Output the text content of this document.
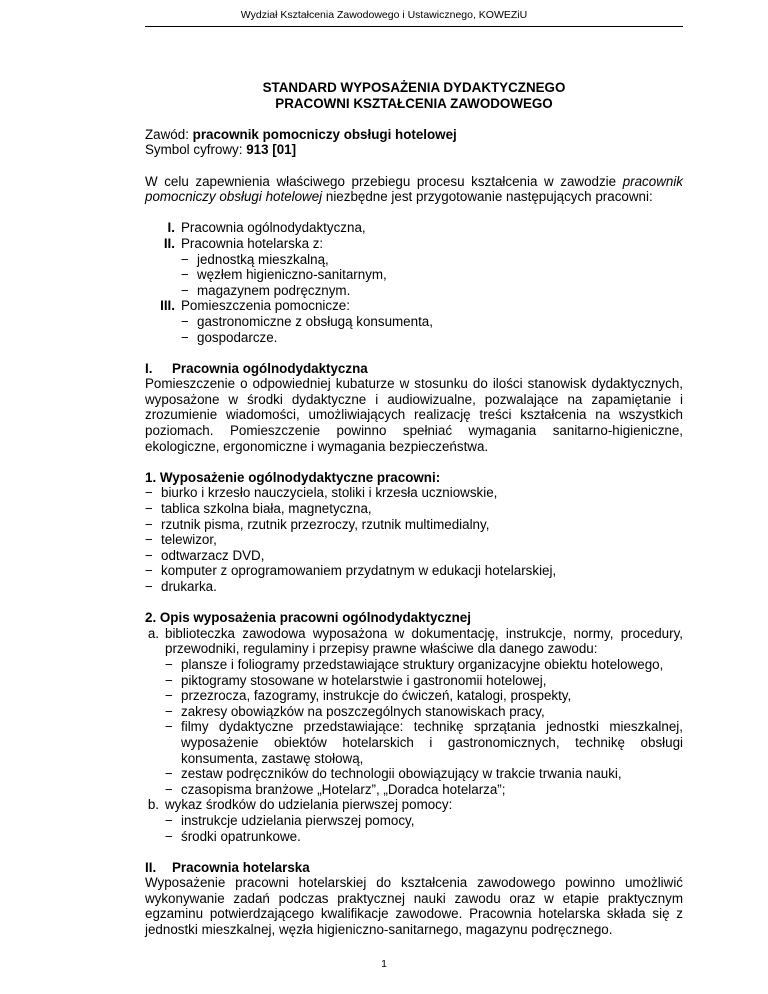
Wydział Kształcenia Zawodowego i Ustawicznego, KOWEZiU

STANDARD WYPOSAŻENIA DYDAKTYCZNEGO

PRACOWNI KSZTAŁCENIA ZAWODOWEGO

Zawód: pracownik pomocniczy obsługi hotelowej

Symbol cyfrowy: 913 [01]

W celu zapewnienia właściwego przebiegu procesu kształcenia w zawodzie pracownik pomocniczy obsługi hotelowej niezbędne jest przygotowanie następujących pracowni:

I. Pracownia ogólnodydaktyczna,
II. Pracownia hotelarska z:
− jednostką mieszkalną,
− węzłem higieniczno-sanitarnym,
− magazynem podręcznym.
III. Pomieszczenia pomocnicze:
− gastronomiczne z obsługą konsumenta,
− gospodarcze.

I. Pracownia ogólnodydaktyczna

Pomieszczenie o odpowiedniej kubaturze w stosunku do ilości stanowisk dydaktycznych, wyposażone w środki dydaktyczne i audiowizualne, pozwalające na zapamiętanie i zrozumienie wiadomości, umożliwiających realizację treści kształcenia na wszystkich poziomach. Pomieszczenie powinno spełniać wymagania sanitarno-higieniczne, ekologiczne, ergonomiczne i wymagania bezpieczeństwa.

1. Wyposażenie ogólnodydaktyczne pracowni:

− biurko i krzesło nauczyciela, stoliki i krzesła uczniowskie,
− tablica szkolna biała, magnetyczna,
− rzutnik pisma, rzutnik przezroczy, rzutnik multimedialny,
− telewizor,
− odtwarzacz DVD,
− komputer z oprogramowaniem przydatnym w edukacji hotelarskiej,
− drukarka.

2. Opis wyposażenia pracowni ogólnodydaktycznej

a. biblioteczka zawodowa wyposażona w dokumentację, instrukcje, normy, procedury, przewodniki, regulaminy i przepisy prawne właściwe dla danego zawodu:

− plansze i foliogramy przedstawiające struktury organizacyjne obiektu hotelowego,
− piktogramy stosowane w hotelarstwie i gastronomii hotelowej,
− przezrocza, fazogramy, instrukcje do ćwiczeń, katalogi, prospekty,
− zakresy obowiązków na poszczególnych stanowiskach pracy,
− filmy dydaktyczne przedstawiające: technikę sprzątania jednostki mieszkalnej, wyposażenie obiektów hotelarskich i gastronomicznych, technikę obsługi konsumenta, zastawę stołową,
− zestaw podręczników do technologii obowiązujący w trakcie trwania nauki,
− czasopisma branżowe „Hotelarz”, „Doradca hotelarza”;
b. wykaz środków do udzielania pierwszej pomocy:

− instrukcje udzielania pierwszej pomocy,
− środki opatrunkowe.

II. Pracownia hotelarska

Wyposażenie pracowni hotelarskiej do kształcenia zawodowego powinno umożliwić wykonywanie zadań podczas praktycznej nauki zawodu oraz w etapie praktycznym egzaminu potwierdzającego kwalifikacje zawodowe. Pracownia hotelarska składa się z jednostki mieszkalnej, węzła higieniczno-sanitarnego, magazynu podręcznego.

1
